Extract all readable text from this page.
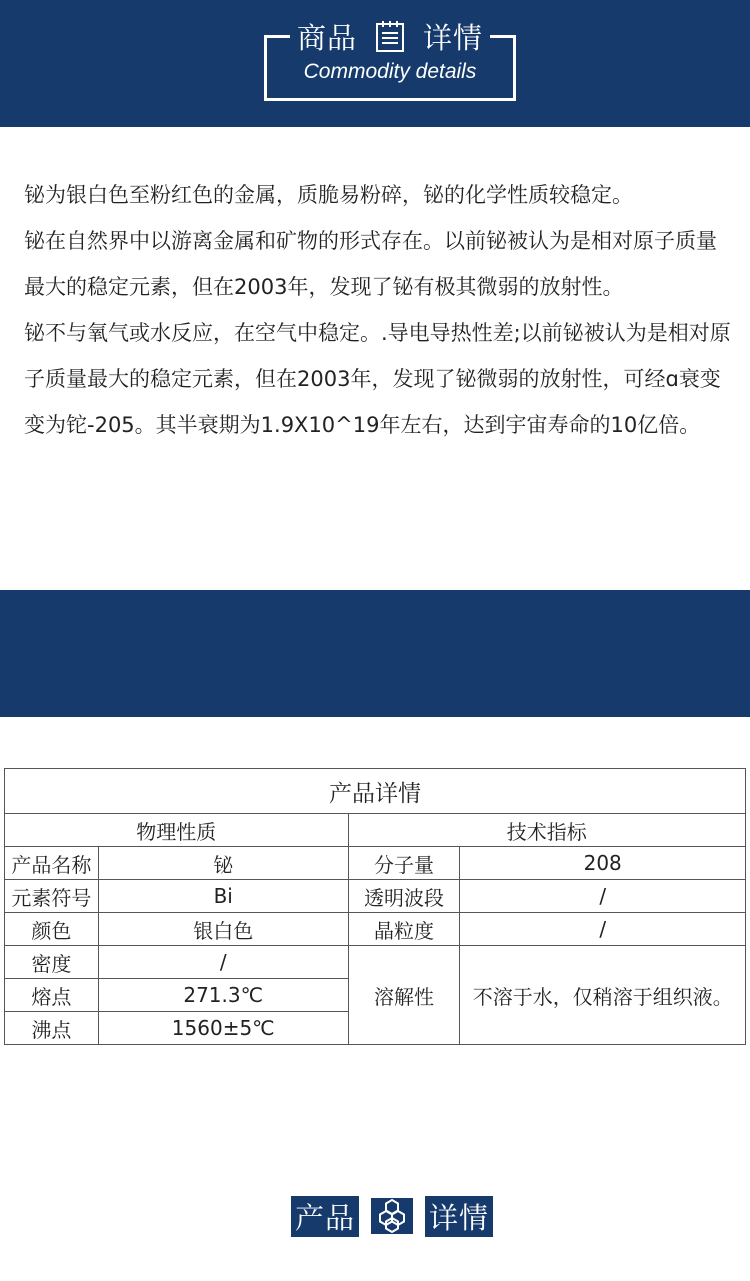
商品 详情
Commodity details

铋为银白色至粉红色的金属，质脆易粉碎，铋的化学性质较稳定。

铋在自然界中以游离金属和矿物的形式存在。以前铋被认为是相对原子质量最大的稳定元素，但在2003年，发现了铋有极其微弱的放射性。

铋不与氧气或水反应，在空气中稳定。.导电导热性差;以前铋被认为是相对原子质量最大的稳定元素，但在2003年，发现了铋微弱的放射性，可经ɑ衰变变为铊-205。其半衰期为1.9X10^19年左右，达到宇宙寿命的10亿倍。

产品	详情
Chemical composition
产品详情			
物理性质		技术指标	
产品名称	铋	分子量	208
元素符号	Bi	透明波段	/
颜色	银白色	晶粒度	/
密度	/	溶解性	不溶于水，仅稍溶于组织液。
熔点	271.3℃		
沸点	1560±5℃		
